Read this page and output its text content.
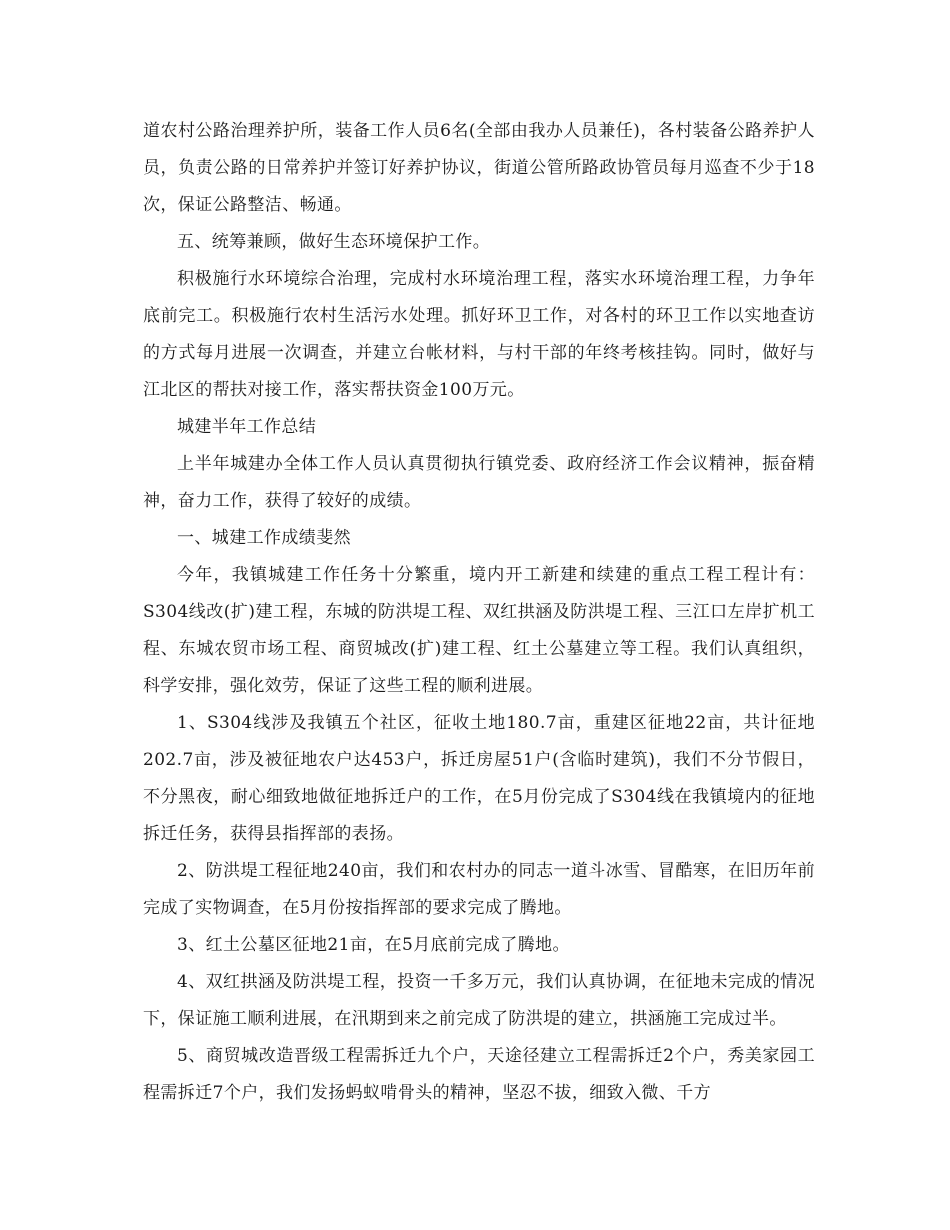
道农村公路治理养护所，装备工作人员6名(全部由我办人员兼任)，各村装备公路养护人员，负责公路的日常养护并签订好养护协议，街道公管所路政协管员每月巡查不少于18次，保证公路整洁、畅通。

五、统筹兼顾，做好生态环境保护工作。

积极施行水环境综合治理，完成村水环境治理工程，落实水环境治理工程，力争年底前完工。积极施行农村生活污水处理。抓好环卫工作，对各村的环卫工作以实地查访的方式每月进展一次调查，并建立台帐材料，与村干部的年终考核挂钩。同时，做好与江北区的帮扶对接工作，落实帮扶资金100万元。

城建半年工作总结

上半年城建办全体工作人员认真贯彻执行镇党委、政府经济工作会议精神，振奋精神，奋力工作，获得了较好的成绩。

一、城建工作成绩斐然

今年，我镇城建工作任务十分繁重，境内开工新建和续建的重点工程工程计有：S304线改(扩)建工程，东城的防洪堤工程、双红拱涵及防洪堤工程、三江口左岸扩机工程、东城农贸市场工程、商贸城改(扩)建工程、红土公墓建立等工程。我们认真组织，科学安排，强化效劳，保证了这些工程的顺利进展。

1、S304线涉及我镇五个社区，征收土地180.7亩，重建区征地22亩，共计征地202.7亩，涉及被征地农户达453户，拆迁房屋51户(含临时建筑)，我们不分节假日，不分黑夜，耐心细致地做征地拆迁户的工作，在5月份完成了S304线在我镇境内的征地拆迁任务，获得县指挥部的表扬。

2、防洪堤工程征地240亩，我们和农村办的同志一道斗冰雪、冒酷寒，在旧历年前完成了实物调查，在5月份按指挥部的要求完成了腾地。

3、红土公墓区征地21亩，在5月底前完成了腾地。

4、双红拱涵及防洪堤工程，投资一千多万元，我们认真协调，在征地未完成的情况下，保证施工顺利进展，在汛期到来之前完成了防洪堤的建立，拱涵施工完成过半。

5、商贸城改造晋级工程需拆迁九个户，天途径建立工程需拆迁2个户，秀美家园工程需拆迁7个户，我们发扬蚂蚁啃骨头的精神，坚忍不拔，细致入微、千方
